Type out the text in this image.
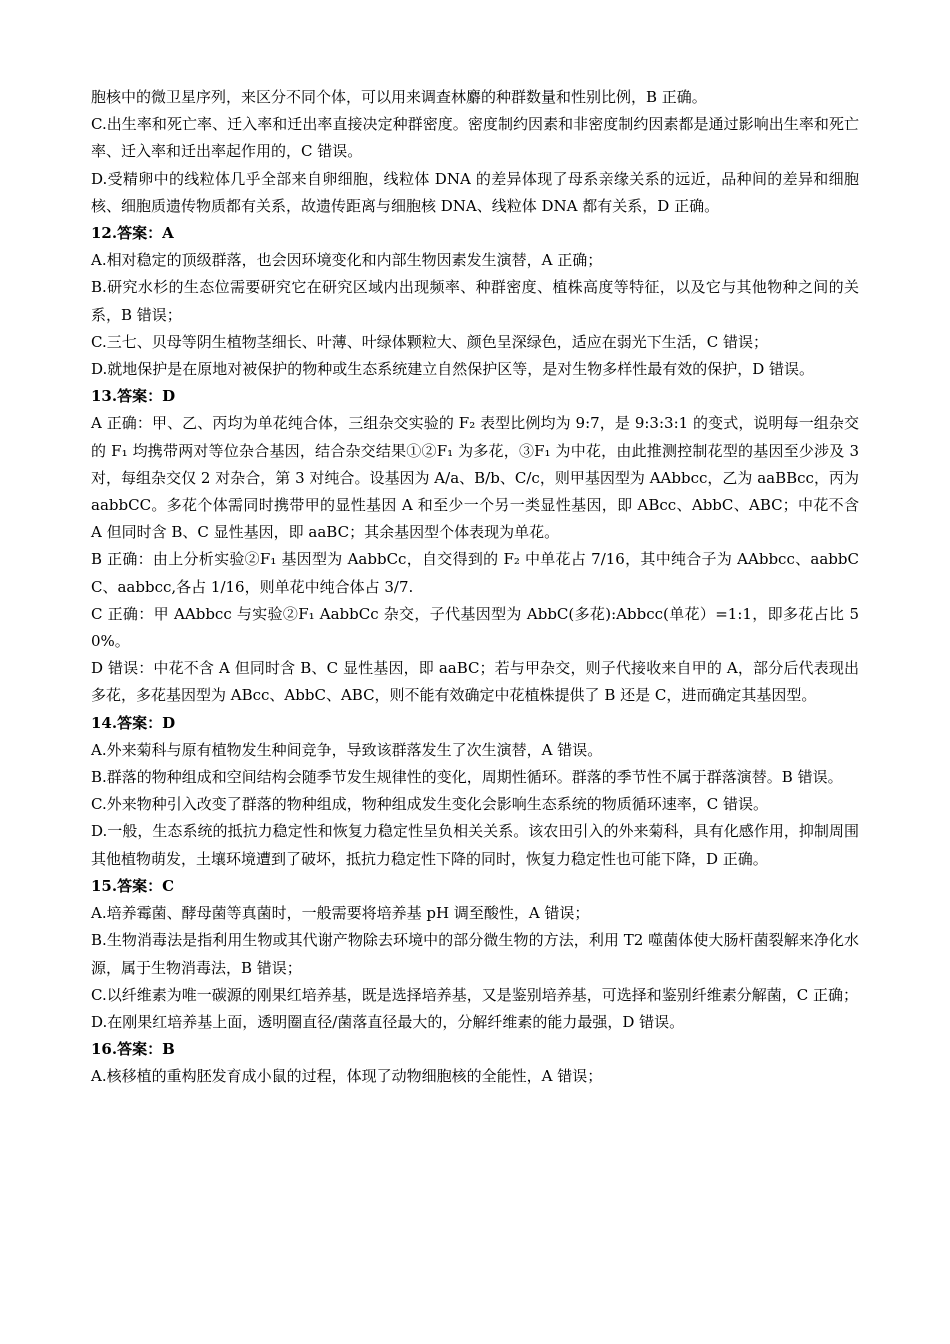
胞核中的微卫星序列，来区分不同个体，可以用来调查林麝的种群数量和性别比例，B 正确。

C.出生率和死亡率、迁入率和迁出率直接决定种群密度。密度制约因素和非密度制约因素都是通过影响出生率和死亡率、迁入率和迁出率起作用的，C 错误。

D.受精卵中的线粒体几乎全部来自卵细胞，线粒体 DNA 的差异体现了母系亲缘关系的远近，品种间的差异和细胞核、细胞质遗传物质都有关系，故遗传距离与细胞核 DNA、线粒体 DNA 都有关系，D 正确。

12.答案：A

A.相对稳定的顶级群落，也会因环境变化和内部生物因素发生演替，A 正确；

B.研究水杉的生态位需要研究它在研究区域内出现频率、种群密度、植株高度等特征，以及它与其他物种之间的关系，B 错误；

C.三七、贝母等阴生植物茎细长、叶薄、叶绿体颗粒大、颜色呈深绿色，适应在弱光下生活，C 错误；

D.就地保护是在原地对被保护的物种或生态系统建立自然保护区等，是对生物多样性最有效的保护，D 错误。

13.答案：D

A 正确：甲、乙、丙均为单花纯合体，三组杂交实验的 F₂ 表型比例均为 9:7，是 9:3:3:1 的变式，说明每一组杂交的 F₁ 均携带两对等位杂合基因，结合杂交结果①②F₁ 为多花，③F₁ 为中花，由此推测控制花型的基因至少涉及 3 对，每组杂交仅 2 对杂合，第 3 对纯合。设基因为 A/a、B/b、C/c，则甲基因型为 AAbbcc，乙为 aaBBcc，丙为 aabbCC。多花个体需同时携带甲的显性基因 A 和至少一个另一类显性基因，即 ABcc、AbbC、ABC；中花不含 A 但同时含 B、C 显性基因，即 aaBC；其余基因型个体表现为单花。

B 正确：由上分析实验②F₁ 基因型为 AabbCc，自交得到的 F₂ 中单花占 7/16，其中纯合子为 AAbbcc、aabbCC、aabbcc,各占 1/16，则单花中纯合体占 3/7.

C 正确：甲 AAbbcc 与实验②F₁ AabbCc 杂交，子代基因型为 AbbC(多花):Abbcc(单花）=1:1，即多花占比 50%。

D 错误：中花不含 A 但同时含 B、C 显性基因，即 aaBC；若与甲杂交，则子代接收来自甲的 A，部分后代表现出多花，多花基因型为 ABcc、AbbC、ABC，则不能有效确定中花植株提供了 B 还是 C，进而确定其基因型。

14.答案：D

A.外来菊科与原有植物发生种间竞争，导致该群落发生了次生演替，A 错误。

B.群落的物种组成和空间结构会随季节发生规律性的变化，周期性循环。群落的季节性不属于群落演替。B 错误。

C.外来物种引入改变了群落的物种组成，物种组成发生变化会影响生态系统的物质循环速率，C 错误。

D.一般，生态系统的抵抗力稳定性和恢复力稳定性呈负相关关系。该农田引入的外来菊科，具有化感作用，抑制周围其他植物萌发，土壤环境遭到了破坏，抵抗力稳定性下降的同时，恢复力稳定性也可能下降，D 正确。

15.答案：C

A.培养霉菌、酵母菌等真菌时，一般需要将培养基 pH 调至酸性，A 错误；

B.生物消毒法是指利用生物或其代谢产物除去环境中的部分微生物的方法，利用 T2 噬菌体使大肠杆菌裂解来净化水源，属于生物消毒法，B 错误；

C.以纤维素为唯一碳源的刚果红培养基，既是选择培养基，又是鉴别培养基，可选择和鉴别纤维素分解菌，C 正确；

D.在刚果红培养基上面，透明圈直径/菌落直径最大的，分解纤维素的能力最强，D 错误。

16.答案：B

A.核移植的重构胚发育成小鼠的过程，体现了动物细胞核的全能性，A 错误；
